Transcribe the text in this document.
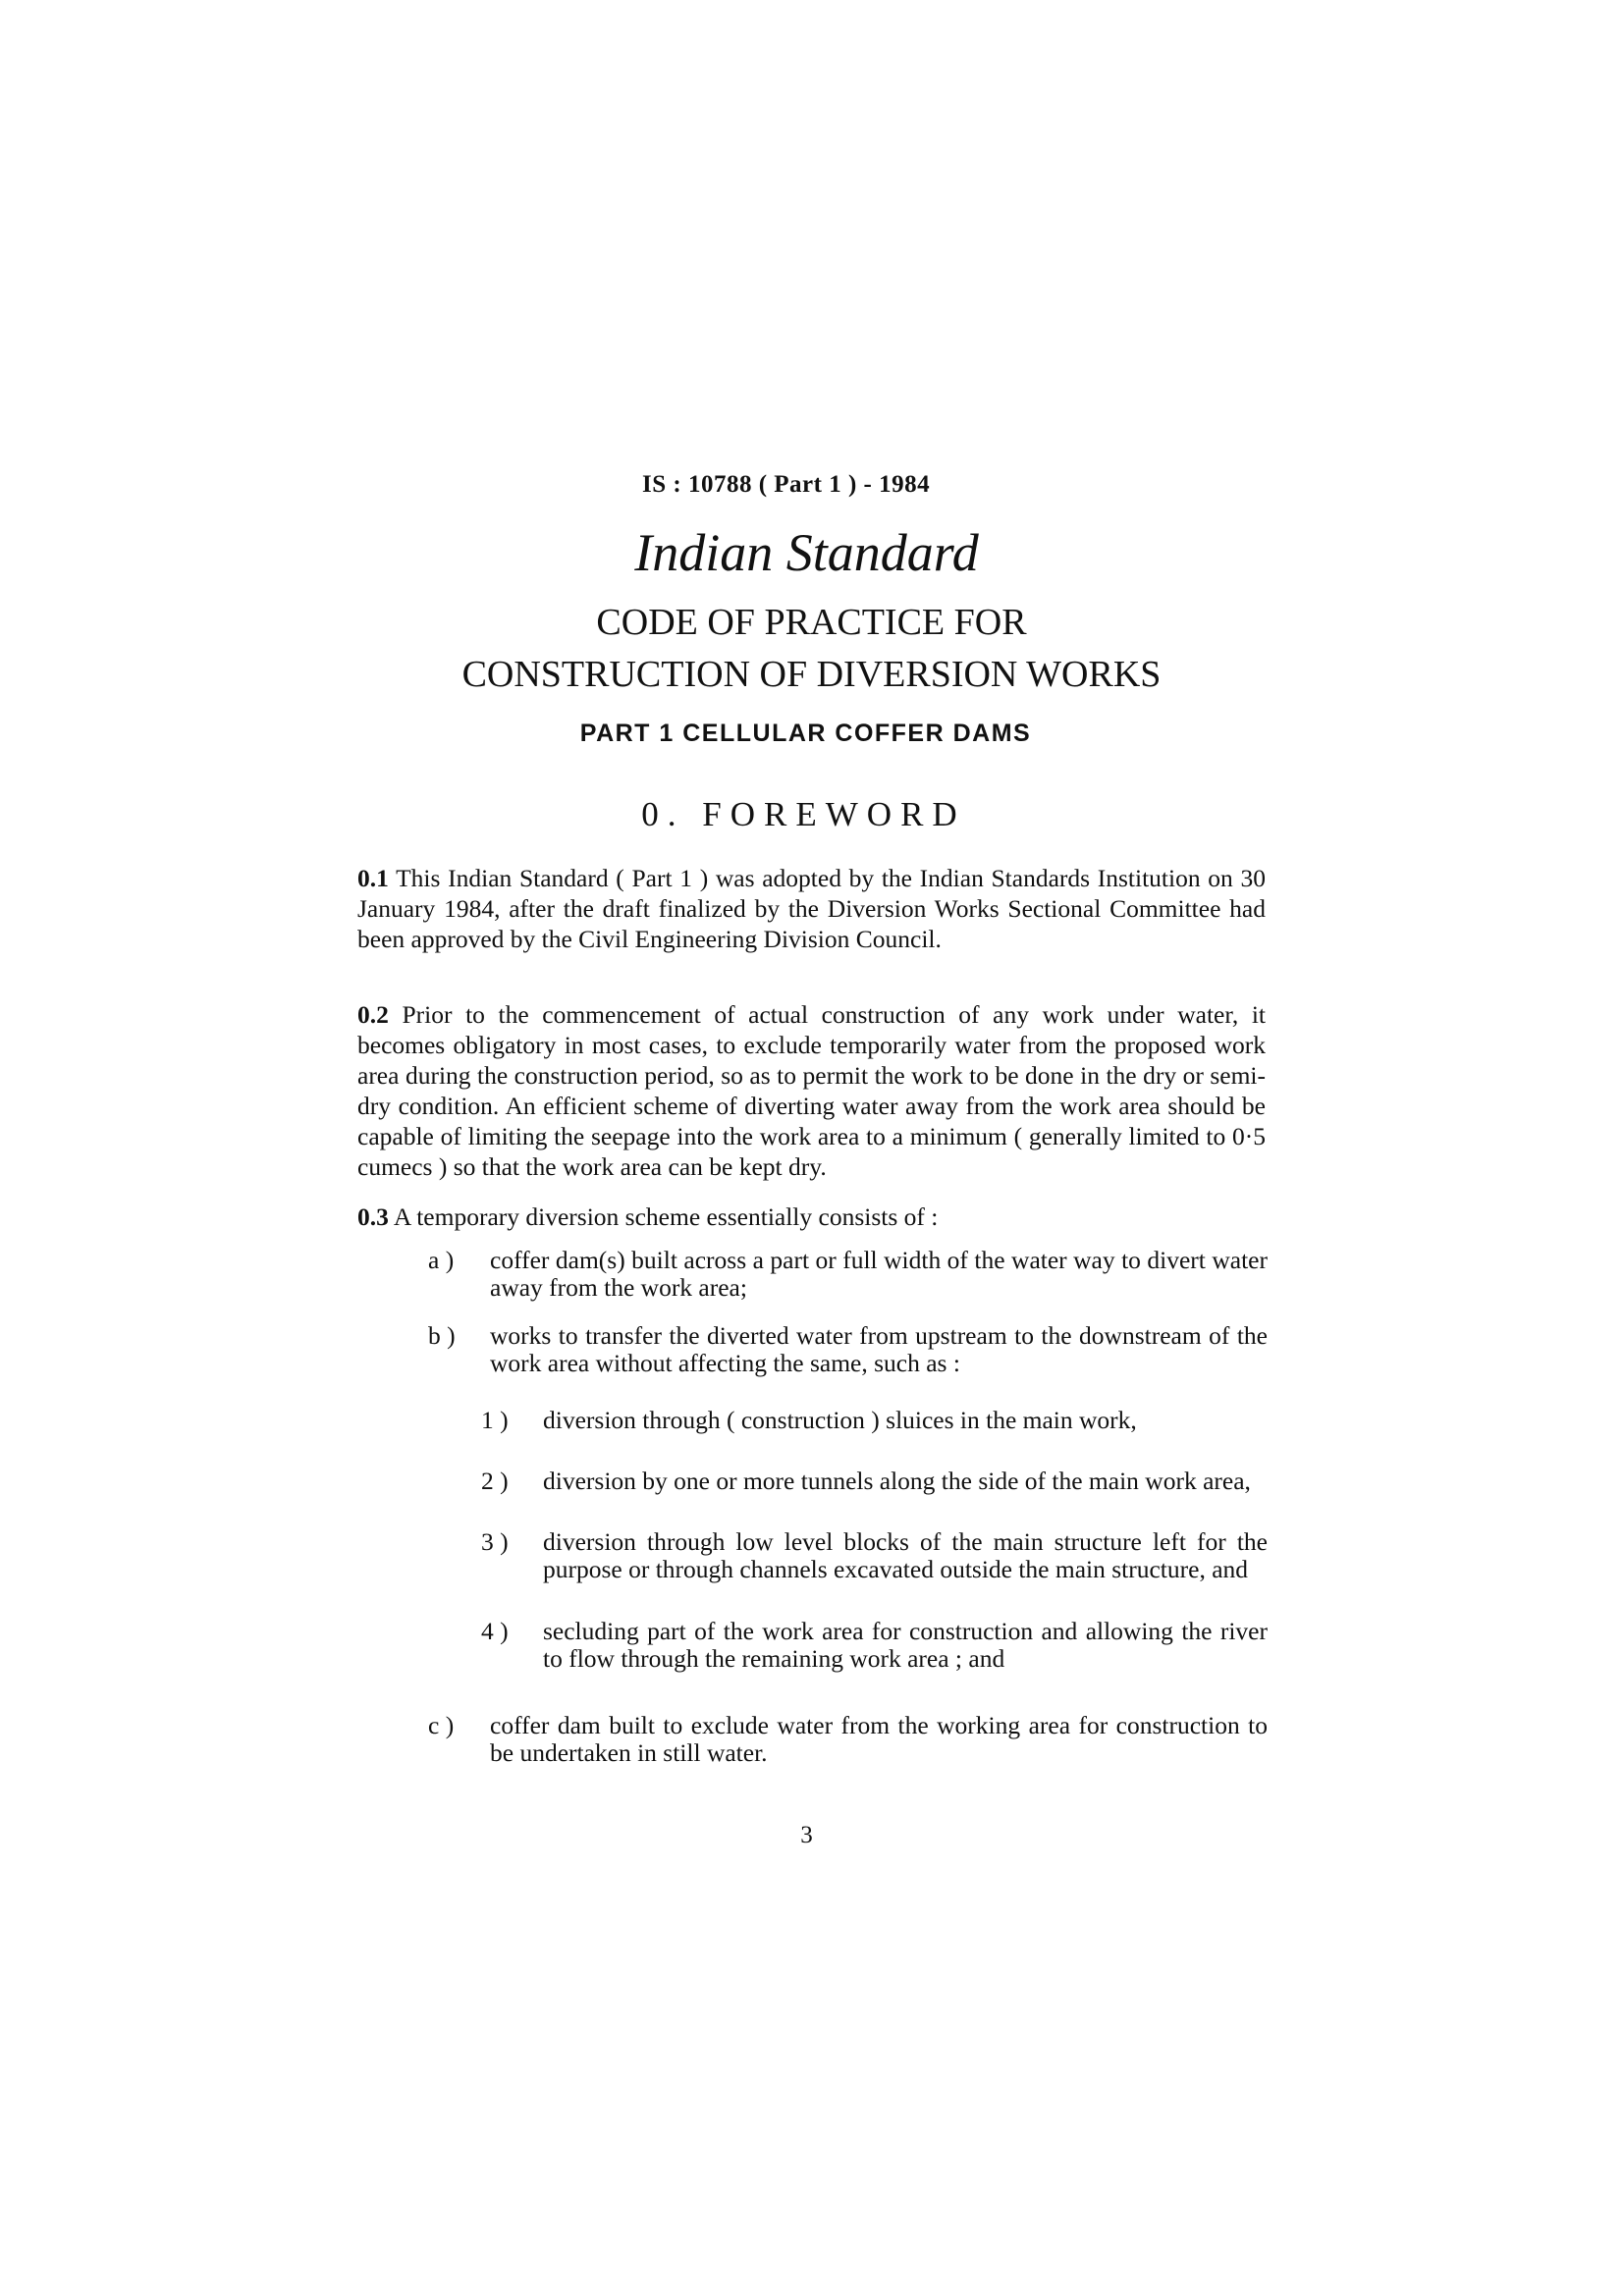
IS : 10788 ( Part 1 ) - 1984
Indian Standard
CODE OF PRACTICE FOR
CONSTRUCTION OF DIVERSION WORKS
PART 1 CELLULAR COFFER DAMS
0. FOREWORD
0.1 This Indian Standard ( Part 1 ) was adopted by the Indian Standards Institution on 30 January 1984, after the draft finalized by the Diversion Works Sectional Committee had been approved by the Civil Engineering Division Council.
0.2 Prior to the commencement of actual construction of any work under water, it becomes obligatory in most cases, to exclude temporarily water from the proposed work area during the construction period, so as to permit the work to be done in the dry or semi-dry condition. An efficient scheme of diverting water away from the work area should be capable of limiting the seepage into the work area to a minimum ( generally limited to 0·5 cumecs ) so that the work area can be kept dry.
0.3 A temporary diversion scheme essentially consists of :
a ) coffer dam(s) built across a part or full width of the water way to divert water away from the work area;
b ) works to transfer the diverted water from upstream to the downstream of the work area without affecting the same, such as :
1 ) diversion through ( construction ) sluices in the main work,
2 ) diversion by one or more tunnels along the side of the main work area,
3 ) diversion through low level blocks of the main structure left for the purpose or through channels excavated outside the main structure, and
4 ) secluding part of the work area for construction and allowing the river to flow through the remaining work area ; and
c ) coffer dam built to exclude water from the working area for construction to be undertaken in still water.
3
